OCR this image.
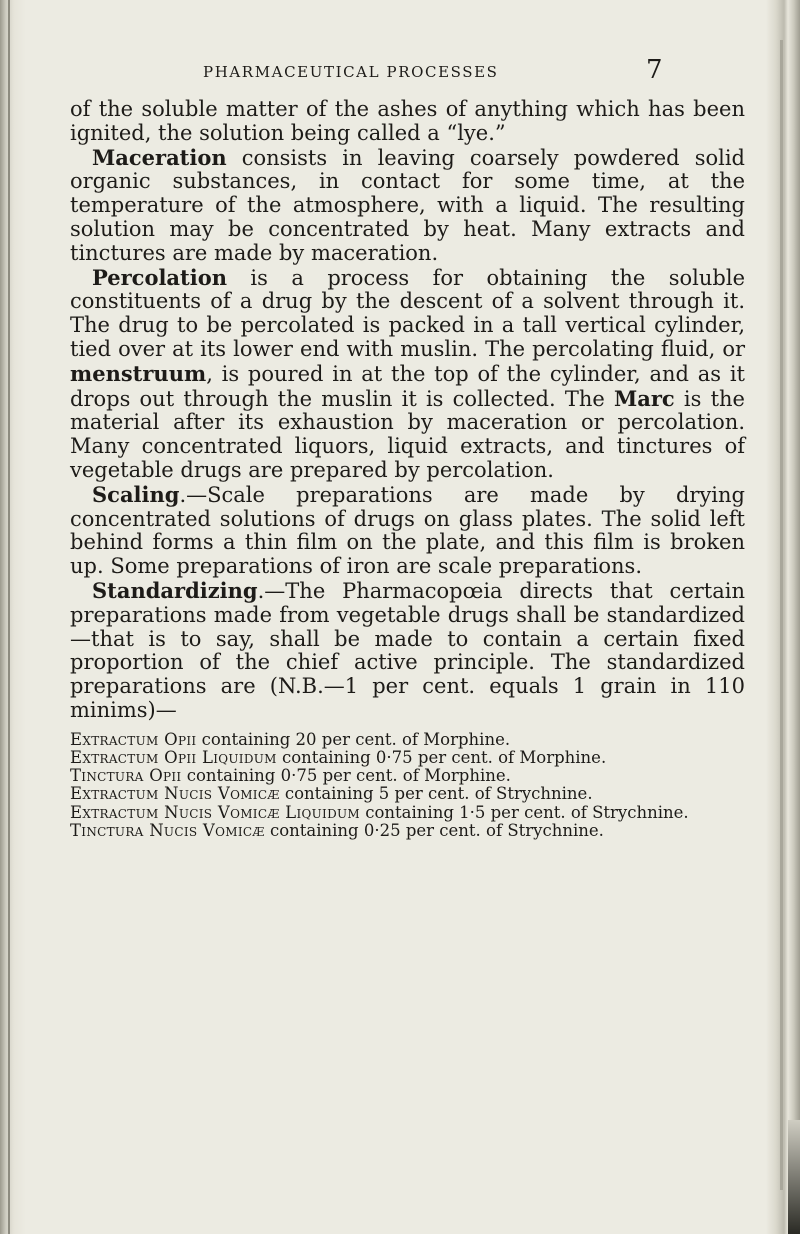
PHARMACEUTICAL PROCESSES	7

of the soluble matter of the ashes of anything which has been ignited, the solution being called a “lye.”

Maceration consists in leaving coarsely powdered solid organic substances, in contact for some time, at the temperature of the atmosphere, with a liquid. The resulting solution may be concentrated by heat. Many extracts and tinctures are made by maceration.

Percolation is a process for obtaining the soluble constituents of a drug by the descent of a solvent through it. The drug to be percolated is packed in a tall vertical cylinder, tied over at its lower end with muslin. The percolating fluid, or menstruum, is poured in at the top of the cylinder, and as it drops out through the muslin it is collected. The Marc is the material after its exhaustion by maceration or percolation. Many concentrated liquors, liquid extracts, and tinctures of vegetable drugs are prepared by percolation.

Scaling.—Scale preparations are made by drying concentrated solutions of drugs on glass plates. The solid left behind forms a thin film on the plate, and this film is broken up. Some preparations of iron are scale preparations.

Standardizing.—The Pharmacopœia directs that certain preparations made from vegetable drugs shall be standardized—that is to say, shall be made to contain a certain fixed proportion of the chief active principle. The standardized preparations are (N.B.—1 per cent. equals 1 grain in 110 minims)—

Extractum Opii containing 20 per cent. of Morphine.

Extractum Opii Liquidum containing 0·75 per cent. of Morphine.

Tinctura Opii containing 0·75 per cent. of Morphine.

Extractum Nucis Vomicæ containing 5 per cent. of Strychnine.

Extractum Nucis Vomicæ Liquidum containing 1·5 per cent. of Strychnine.

Tinctura Nucis Vomicæ containing 0·25 per cent. of Strychnine.
